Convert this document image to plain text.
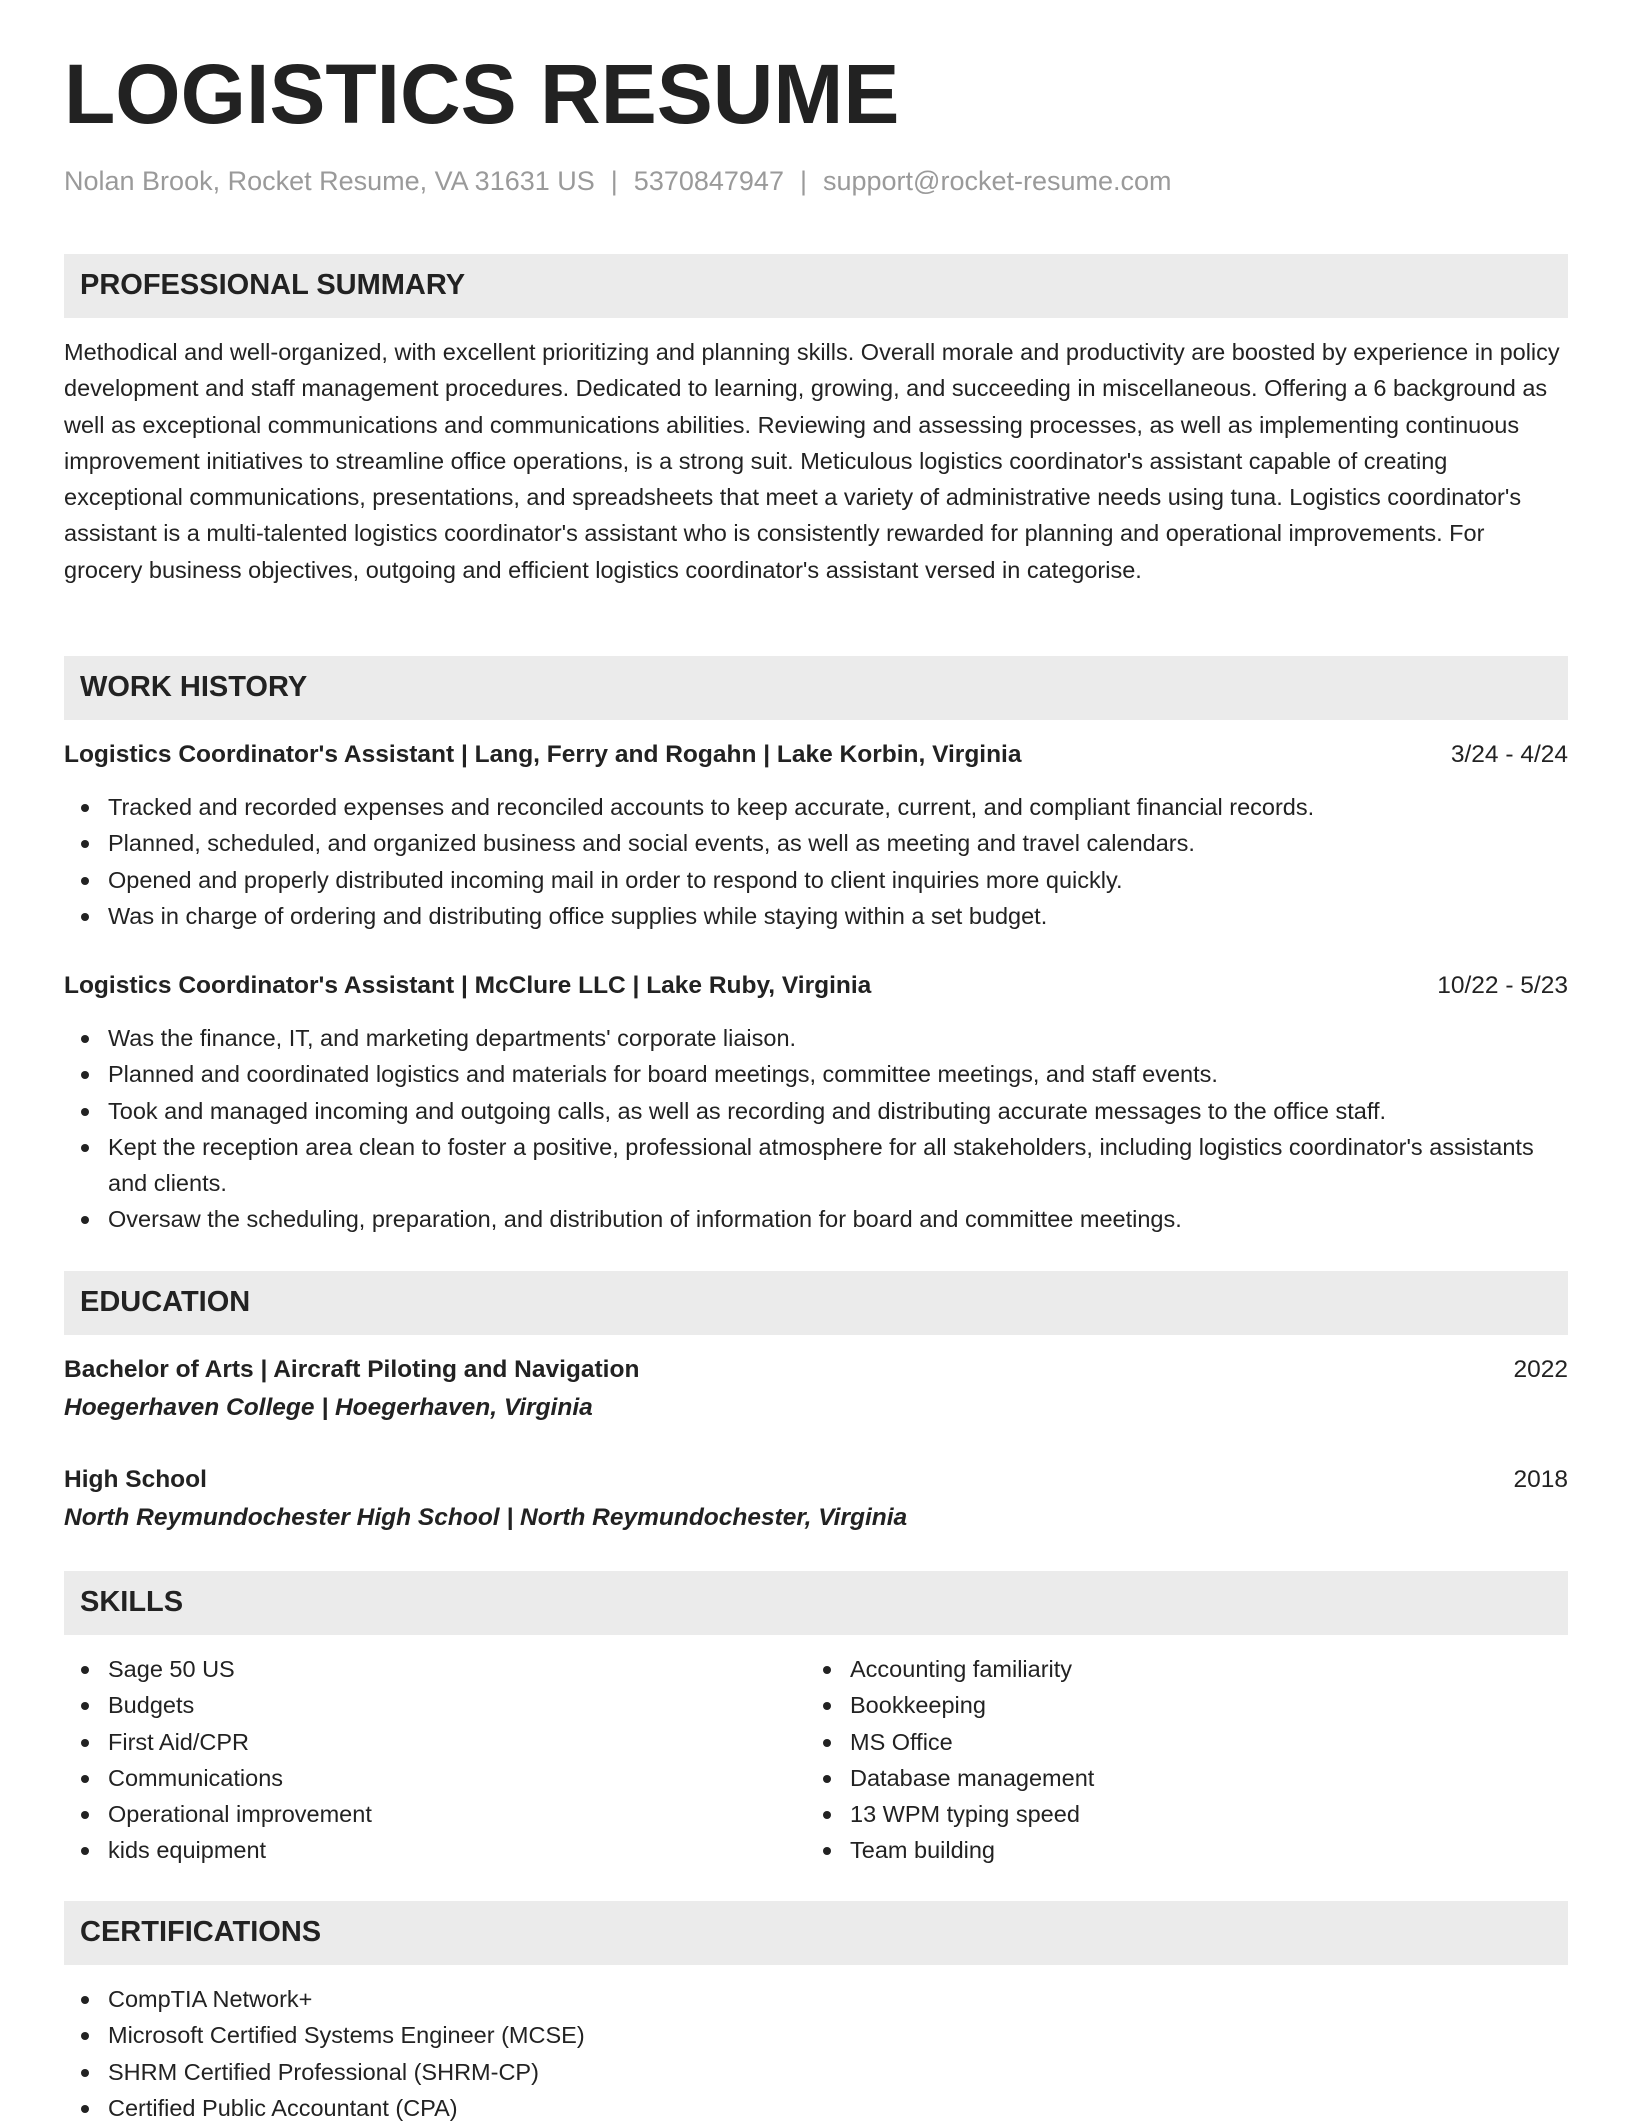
LOGISTICS RESUME
Nolan Brook, Rocket Resume, VA 31631 US | 5370847947 | support@rocket-resume.com
PROFESSIONAL SUMMARY
Methodical and well-organized, with excellent prioritizing and planning skills. Overall morale and productivity are boosted by experience in policy development and staff management procedures. Dedicated to learning, growing, and succeeding in miscellaneous. Offering a 6 background as well as exceptional communications and communications abilities. Reviewing and assessing processes, as well as implementing continuous improvement initiatives to streamline office operations, is a strong suit. Meticulous logistics coordinator's assistant capable of creating exceptional communications, presentations, and spreadsheets that meet a variety of administrative needs using tuna. Logistics coordinator's assistant is a multi-talented logistics coordinator's assistant who is consistently rewarded for planning and operational improvements. For grocery business objectives, outgoing and efficient logistics coordinator's assistant versed in categorise.
WORK HISTORY
Logistics Coordinator's Assistant | Lang, Ferry and Rogahn | Lake Korbin, Virginia	3/24 - 4/24
Tracked and recorded expenses and reconciled accounts to keep accurate, current, and compliant financial records.
Planned, scheduled, and organized business and social events, as well as meeting and travel calendars.
Opened and properly distributed incoming mail in order to respond to client inquiries more quickly.
Was in charge of ordering and distributing office supplies while staying within a set budget.
Logistics Coordinator's Assistant | McClure LLC | Lake Ruby, Virginia	10/22 - 5/23
Was the finance, IT, and marketing departments' corporate liaison.
Planned and coordinated logistics and materials for board meetings, committee meetings, and staff events.
Took and managed incoming and outgoing calls, as well as recording and distributing accurate messages to the office staff.
Kept the reception area clean to foster a positive, professional atmosphere for all stakeholders, including logistics coordinator's assistants and clients.
Oversaw the scheduling, preparation, and distribution of information for board and committee meetings.
EDUCATION
Bachelor of Arts | Aircraft Piloting and Navigation	2022
Hoegerhaven College | Hoegerhaven, Virginia
High School	2018
North Reymundochester High School | North Reymundochester, Virginia
SKILLS
Sage 50 US
Budgets
First Aid/CPR
Communications
Operational improvement
kids equipment
Accounting familiarity
Bookkeeping
MS Office
Database management
13 WPM typing speed
Team building
CERTIFICATIONS
CompTIA Network+
Microsoft Certified Systems Engineer (MCSE)
SHRM Certified Professional (SHRM-CP)
Certified Public Accountant (CPA)
